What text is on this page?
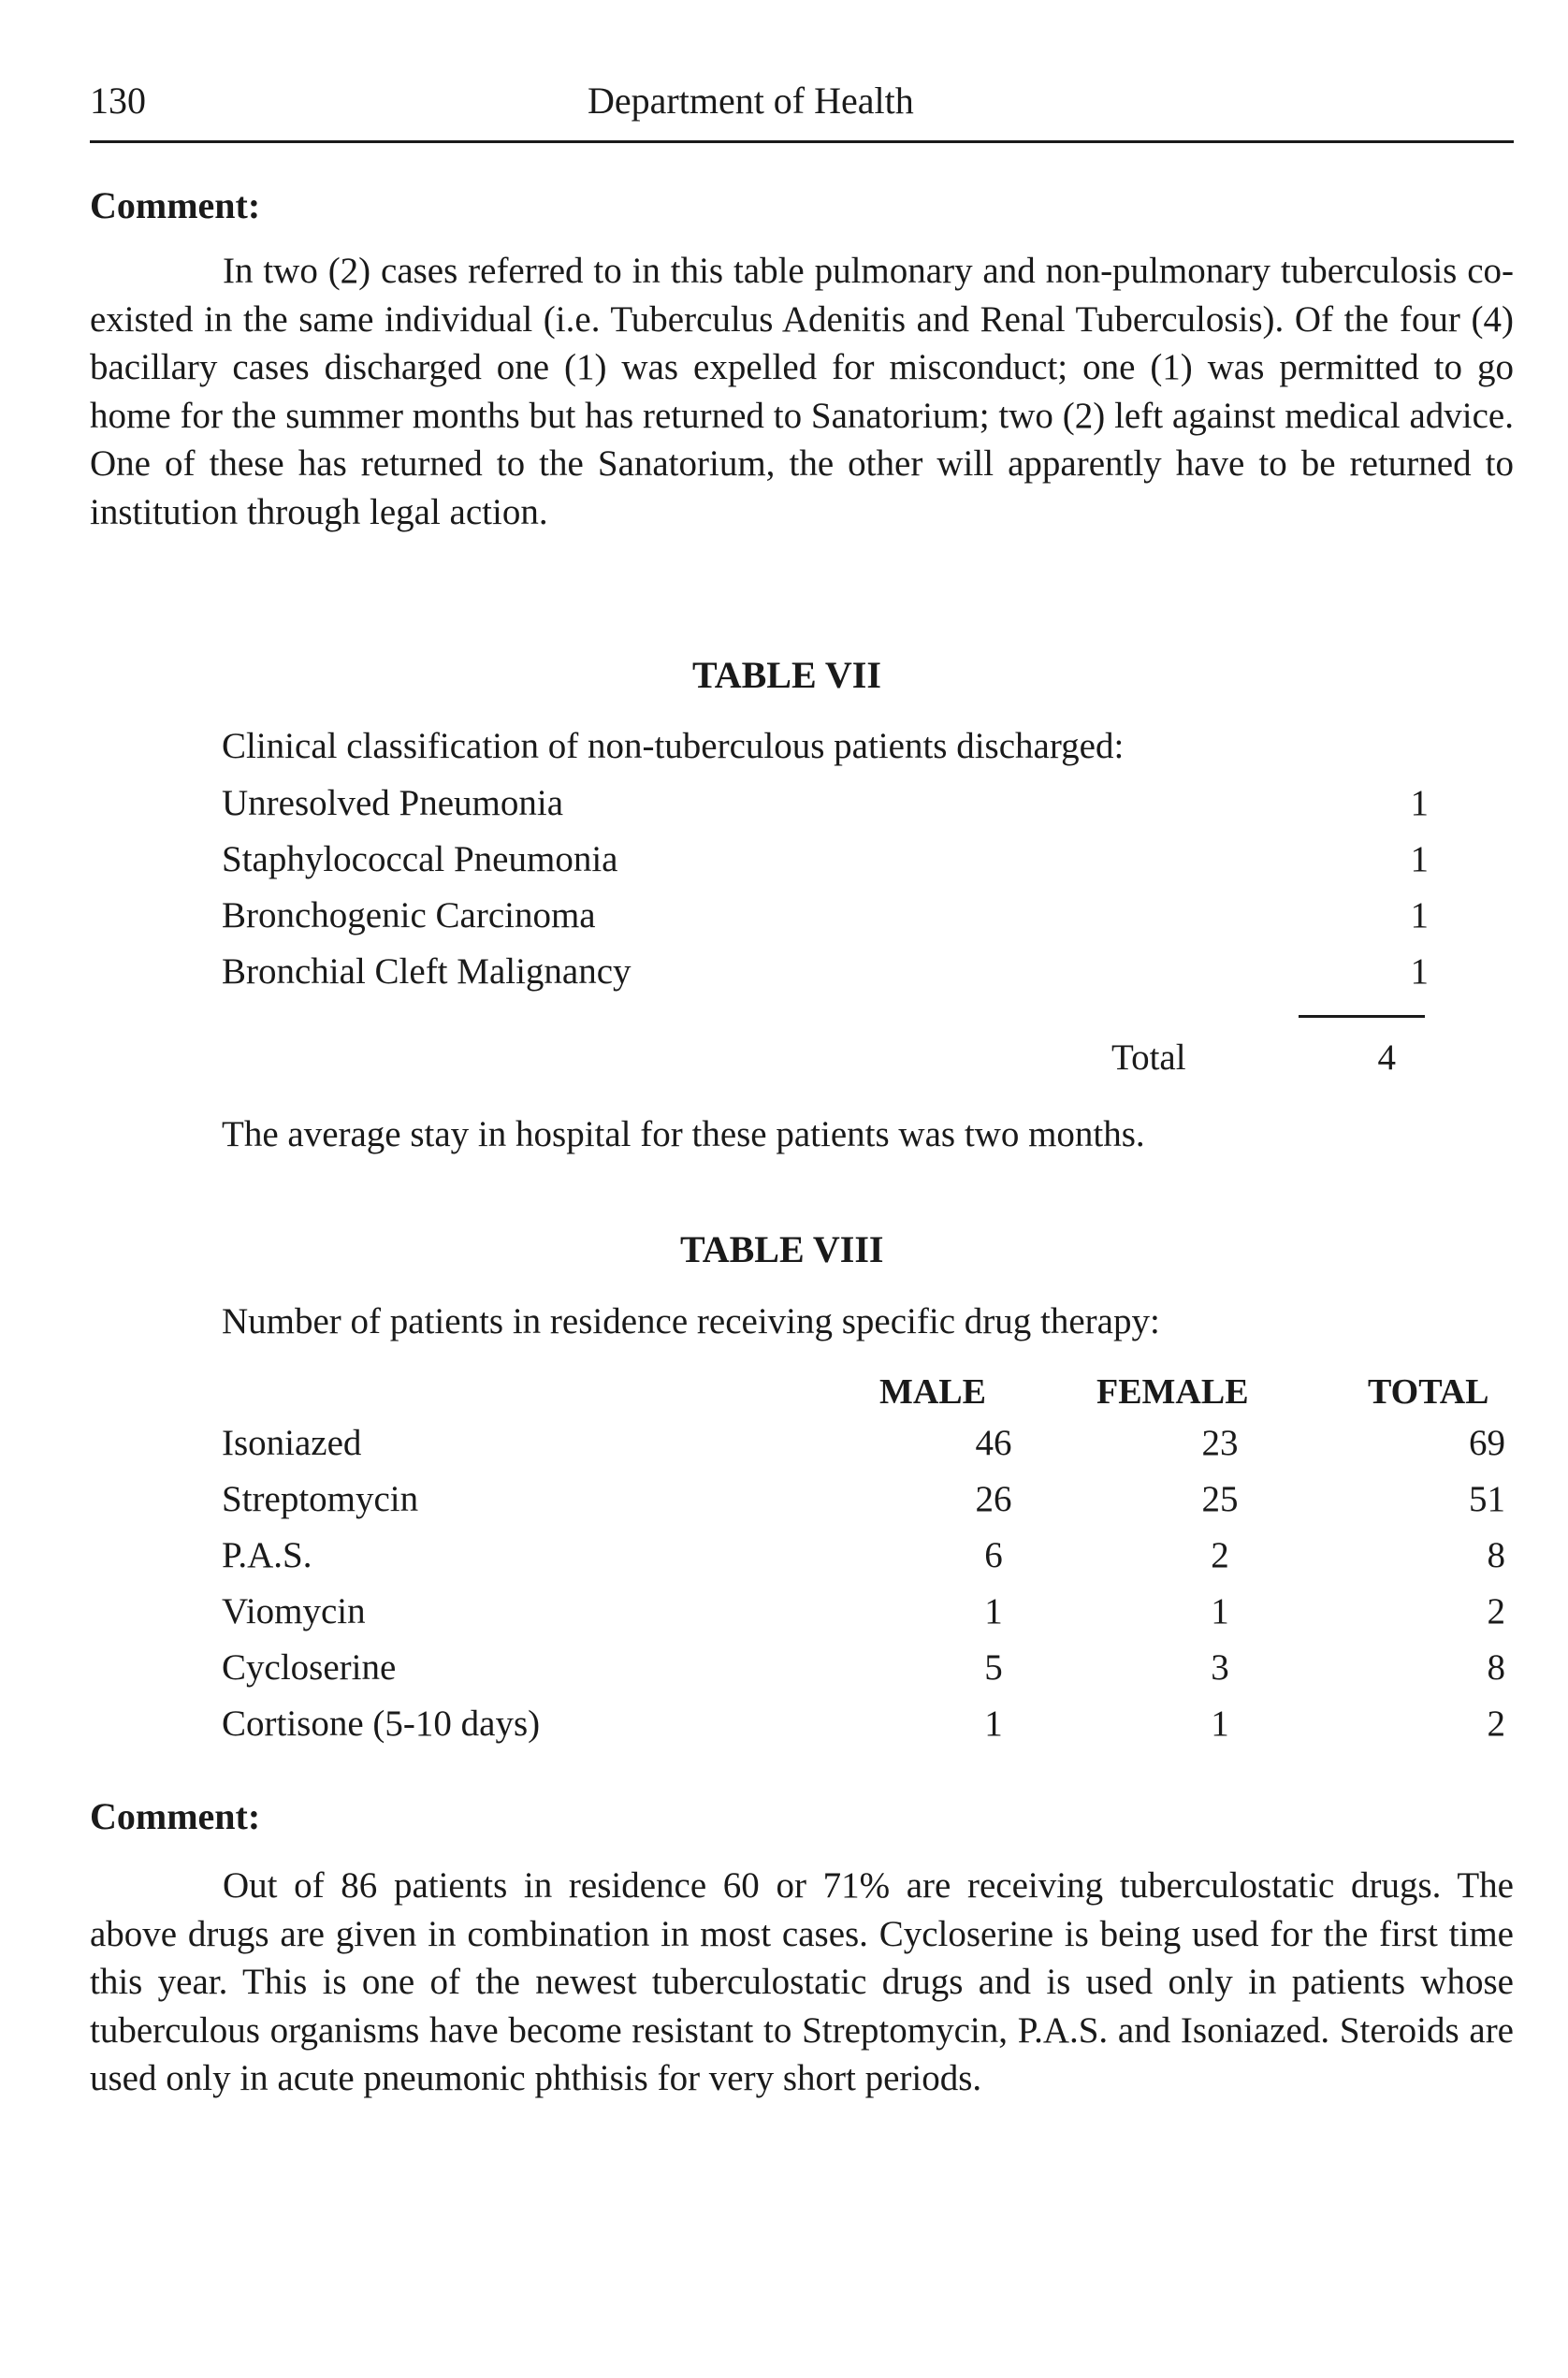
130	Department of Health
Comment:
In two (2) cases referred to in this table pulmonary and non-pulmonary tuberculosis co-existed in the same individual (i.e. Tuberculus Adenitis and Renal Tuberculosis). Of the four (4) bacillary cases discharged one (1) was expelled for misconduct; one (1) was permitted to go home for the summer months but has returned to Sanatorium; two (2) left against medical advice. One of these has returned to the Sanatorium, the other will apparently have to be returned to institution through legal action.
TABLE VII
Clinical classification of non-tuberculous patients discharged:
Unresolved Pneumonia	1
Staphylococcal Pneumonia	1
Bronchogenic Carcinoma	1
Bronchial Cleft Malignancy	1
Total	4
The average stay in hospital for these patients was two months.
TABLE VIII
Number of patients in residence receiving specific drug therapy:
MALE	FEMALE	TOTAL
Isoniazed	46	23	69
Streptomycin	26	25	51
P.A.S.	6	2	8
Viomycin	1	1	2
Cycloserine	5	3	8
Cortisone (5-10 days)	1	1	2
Comment:
Out of 86 patients in residence 60 or 71% are receiving tuberculostatic drugs. The above drugs are given in combination in most cases. Cycloserine is being used for the first time this year. This is one of the newest tuberculostatic drugs and is used only in patients whose tuberculous organisms have become resistant to Streptomycin, P.A.S. and Isoniazed. Steroids are used only in acute pneumonic phthisis for very short periods.
